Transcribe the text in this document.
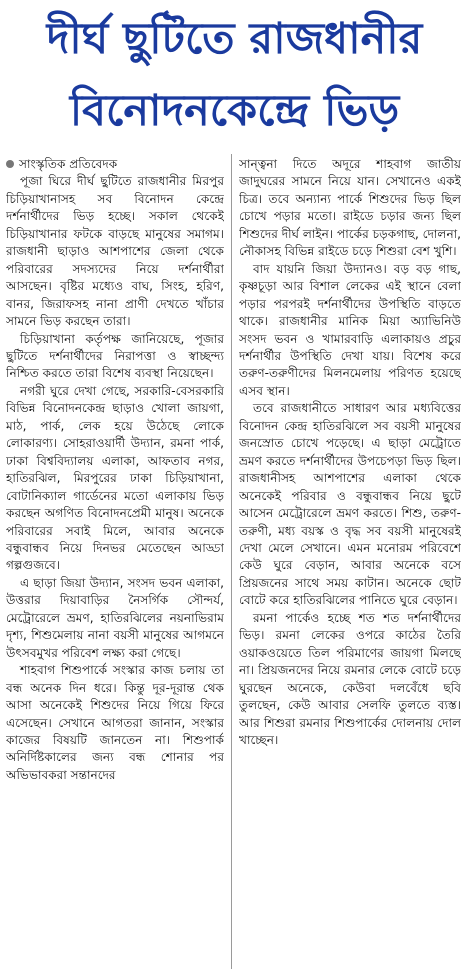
দীর্ঘ ছুটিতে রাজধানীর
বিনোদনকেন্দ্রে ভিড়
সাংস্কৃতিক প্রতিবেদক

পূজা ঘিরে দীর্ঘ ছুটিতে রাজধানীর মিরপুর চিড়িয়াখানাসহ সব বিনোদন কেন্দ্রে দর্শনার্থীদের ভিড় হচ্ছে। সকাল থেকেই চিড়িয়াখানার ফটকে বাড়ছে মানুষের সমাগম। রাজধানী ছাড়াও আশপাশের জেলা থেকে পরিবারের সদস্যদের নিয়ে দর্শনার্থীরা আসছেন। বৃষ্টির মধ্যেও বাঘ, সিংহ, হরিণ, বানর, জিরাফসহ নানা প্রাণী দেখতে খাঁচার সামনে ভিড় করছেন তারা।

চিড়িয়াখানা কর্তৃপক্ষ জানিয়েছে, পূজার ছুটিতে দর্শনার্থীদের নিরাপত্তা ও স্বাচ্ছন্দ্য নিশ্চিত করতে তারা বিশেষ ব্যবস্থা নিয়েছেন।

নগরী ঘুরে দেখা গেছে, সরকারি-বেসরকারি বিভিন্ন বিনোদনকেন্দ্র ছাড়াও খোলা জায়গা, মাঠ, পার্ক, লেক হয়ে উঠেছে লোকে লোকারণ্য। সোহরাওয়ার্দী উদ্যান, রমনা পার্ক, ঢাকা বিশ্ববিদ্যালয় এলাকা, আফতাব নগর, হাতিরঝিল, মিরপুরের ঢাকা চিড়িয়াখানা, বোটানিক্যাল গার্ডেনের মতো এলাকায় ভিড় করছেন অগণিত বিনোদনপ্রেমী মানুষ। অনেকে পরিবারের সবাই মিলে, আবার অনেকে বন্ধুবান্ধব নিয়ে দিনভর মেতেছেন আড্ডা গল্পগুজবে।

এ ছাড়া জিয়া উদ্যান, সংসদ ভবন এলাকা, উত্তরার দিয়াবাড়ির নৈসর্গিক সৌন্দর্য, মেট্রোরেলে ভ্রমণ, হাতিরঝিলের নয়নাভিরাম দৃশ্য, শিশুমেলায় নানা বয়সী মানুষের আগমনে উৎসবমুখর পরিবেশ লক্ষ্য করা গেছে।

শাহবাগ শিশুপার্কে সংস্কার কাজ চলায় তা বন্ধ অনেক দিন ধরে। কিন্তু দূর-দূরান্ত থেক আসা অনেকেই শিশুদের নিয়ে গিয়ে ফিরে এসেছেন। সেখানে আগতরা জানান, সংস্কার কাজের বিষয়টি জানতেন না। শিশুপার্ক অনির্দিষ্টকালের জন্য বন্ধ শোনার পর অভিভাবকরা সন্তানদের

সান্ত্বনা দিতে অদূরে শাহবাগ জাতীয় জাদুঘরের সামনে নিয়ে যান। সেখানেও একই চিত্র। তবে অন্যান্য পার্কে শিশুদের ভিড় ছিল চোখে পড়ার মতো। রাইডে চড়ার জন্য ছিল শিশুদের দীর্ঘ লাইন। পার্কের চড়কগাছ, দোলনা, নৌকাসহ বিভিন্ন রাইডে চড়ে শিশুরা বেশ খুশি।

বাদ যায়নি জিয়া উদ্যানও। বড় বড় গাছ, কৃষ্ণচূড়া আর বিশাল লেকের এই স্থানে বেলা পড়ার পরপরই দর্শনার্থীদের উপস্থিতি বাড়তে থাকে। রাজধানীর মানিক মিয়া অ্যাভিনিউ সংসদ ভবন ও খামারবাড়ি এলাকায়ও প্রচুর দর্শনার্থীর উপস্থিতি দেখা যায়। বিশেষ করে তরুণ-তরুণীদের মিলনমেলায় পরিণত হয়েছে এসব স্থান।

তবে রাজধানীতে সাধারণ আর মধ্যবিত্তের বিনোদন কেন্দ্র হাতিরঝিলে সব বয়সী মানুষের জনস্রোত চোখে পড়েছে। এ ছাড়া মেট্রোতে ভ্রমণ করতে দর্শনার্থীদের উপচেপড়া ভিড় ছিল। রাজধানীসহ আশপাশের এলাকা থেকে অনেকেই পরিবার ও বন্ধুবান্ধব নিয়ে ছুটে আসেন মেট্রোরেলে ভ্রমণ করতে। শিশু, তরুণ-তরুণী, মধ্য বয়স্ক ও বৃদ্ধ সব বয়সী মানুষেরই দেখা মেলে সেখানে। এমন মনোরম পরিবেশে কেউ ঘুরে বেড়ান, আবার অনেকে বসে প্রিয়জনের সাথে সময় কাটান। অনেকে ছোট বোটে করে হাতিরঝিলের পানিতে ঘুরে বেড়ান।

রমনা পার্কেও হচ্ছে শত শত দর্শনার্থীদের ভিড়। রমনা লেকের ওপরে কাঠের তৈরি ওয়াকওয়েতে তিল পরিমাণের জায়গা মিলছে না। প্রিয়জনদের নিয়ে রমনার লেকে বোটে চড়ে ঘুরছেন অনেকে, কেউবা দলবেঁধে ছবি তুলছেন, কেউ আবার সেলফি তুলতে ব্যস্ত। আর শিশুরা রমনার শিশুপার্কের দোলনায় দোল খাচ্ছেন।
